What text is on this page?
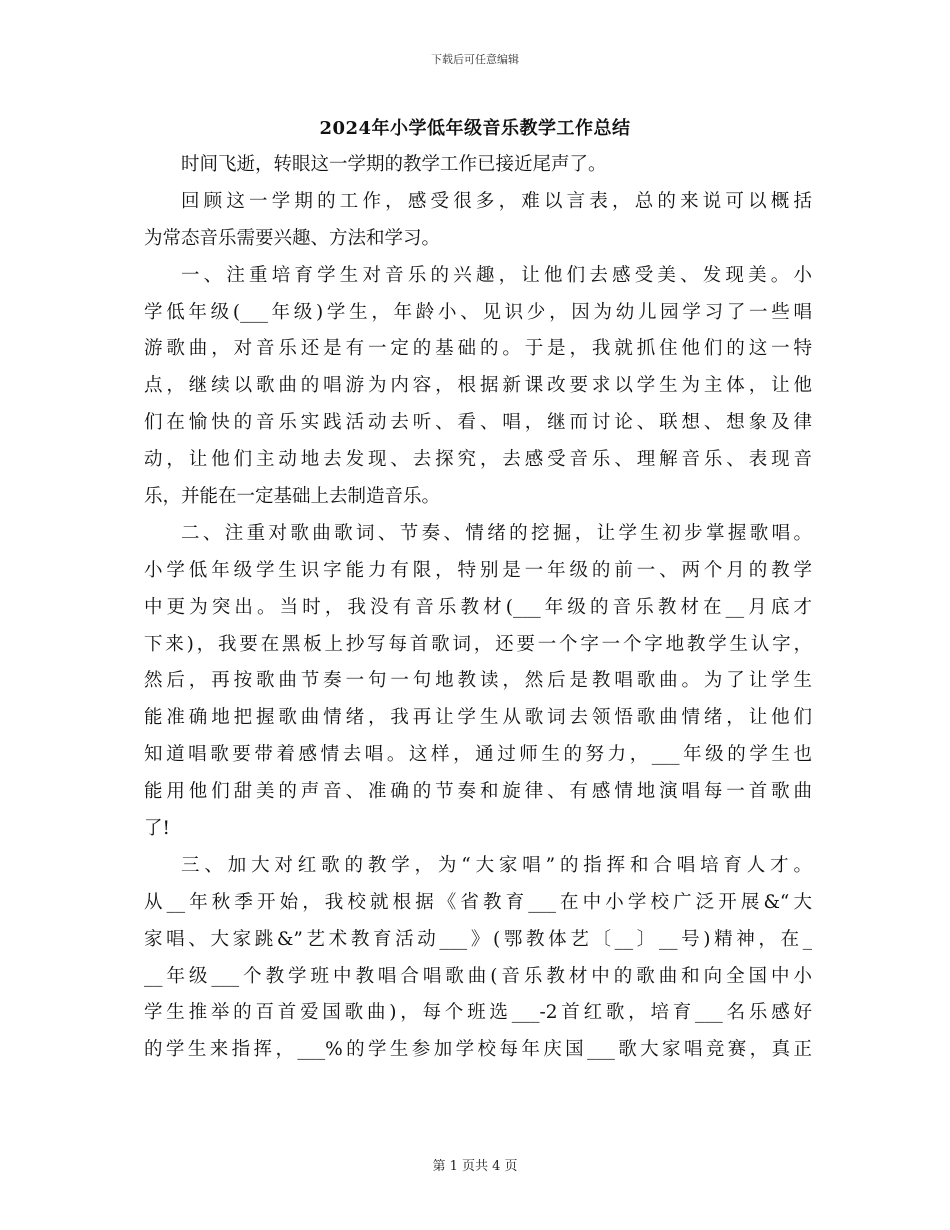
下载后可任意编辑
2024年小学低年级音乐教学工作总结
时间飞逝，转眼这一学期的教学工作已接近尾声了。
回顾这一学期的工作，感受很多，难以言表，总的来说可以概括
为常态音乐需要兴趣、方法和学习。
一、注重培育学生对音乐的兴趣，让他们去感受美、发现美。小
学低年级(___年级)学生，年龄小、见识少，因为幼儿园学习了一些唱
游歌曲，对音乐还是有一定的基础的。于是，我就抓住他们的这一特
点，继续以歌曲的唱游为内容，根据新课改要求以学生为主体，让他
们在愉快的音乐实践活动去听、看、唱，继而讨论、联想、想象及律
动，让他们主动地去发现、去探究，去感受音乐、理解音乐、表现音
乐，并能在一定基础上去制造音乐。
二、注重对歌曲歌词、节奏、情绪的挖掘，让学生初步掌握歌唱。
小学低年级学生识字能力有限，特别是一年级的前一、两个月的教学
中更为突出。当时，我没有音乐教材(___年级的音乐教材在__月底才
下来)，我要在黑板上抄写每首歌词，还要一个字一个字地教学生认字，
然后，再按歌曲节奏一句一句地教读，然后是教唱歌曲。为了让学生
能准确地把握歌曲情绪，我再让学生从歌词去领悟歌曲情绪，让他们
知道唱歌要带着感情去唱。这样，通过师生的努力，___年级的学生也
能用他们甜美的声音、准确的节奏和旋律、有感情地演唱每一首歌曲
了!
三、加大对红歌的教学，为“大家唱”的指挥和合唱培育人才。
从__年秋季开始，我校就根据《省教育___在中小学校广泛开展&“大
家唱、大家跳&”艺术教育活动___》(鄂教体艺〔__〕__号)精神，在_
__年级___个教学班中教唱合唱歌曲(音乐教材中的歌曲和向全国中小
学生推举的百首爱国歌曲)，每个班选___-2首红歌，培育___名乐感好
的学生来指挥，___%的学生参加学校每年庆国___歌大家唱竞赛，真正
第 1 页共 4 页
